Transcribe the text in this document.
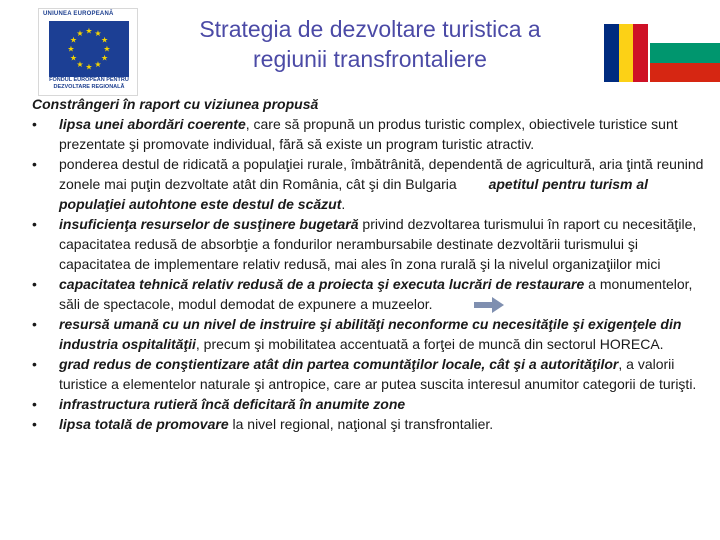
UNIUNEA EUROPEANĂ
★
★
★
★
★
★
★
★
★ ★ ★
★
FONDUL EUROPEAN PENTRU DEZVOLTARE REGIONALĂ
Strategia de dezvoltare turistica a
regiunii transfrontaliere
Constrângeri în raport cu viziunea propusă
• lipsa unei abordări coerente, care să propună un produs turistic complex, obiectivele turistice sunt prezentate şi promovate individual, fără să existe un program turistic atractiv.
• ponderea destul de ridicată a populaţiei rurale, îmbătrânită, dependentă de agricultură, aria ţintă reunind zonele mai puţin dezvoltate atât din România, cât şi din Bulgaria apetitul pentru turism al populaţiei autohtone este destul de scăzut.
• insuficienţa resurselor de susţinere bugetară privind dezvoltarea turismului în raport cu necesităţile, capacitatea redusă de absorbţie a fondurilor nerambursabile destinate dezvoltării turismului şi capacitatea de implementare relativ redusă, mai ales în zona rurală şi la nivelul organizaţiilor mici
• capacitatea tehnică relativ redusă de a proiecta şi executa lucrări de restaurare a monumentelor, săli de spectacole, modul demodat de expunere a muzeelor.
• resursă umană cu un nivel de instruire şi abilităţi neconforme cu necesităţile şi exigenţele din industria ospitalităţii, precum şi mobilitatea accentuată a forţei de muncă din sectorul HORECA.
• grad redus de conştientizare atât din partea comuntăţilor locale, cât şi a autorităţilor, a valorii turistice a elementelor naturale şi antropice, care ar putea suscita interesul anumitor categorii de turişti.
• infrastructura rutieră încă deficitară în anumite zone
• lipsa totală de promovare la nivel regional, naţional şi transfrontalier.
